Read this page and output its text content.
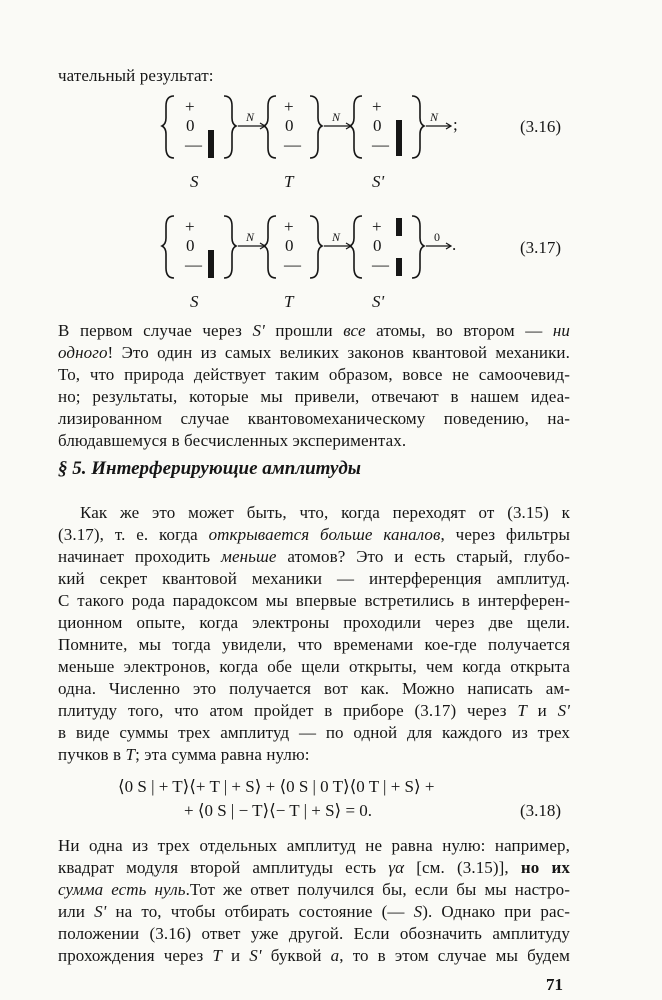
чательный результат:
+
0
—
N
+
0
—
N
+
0
—
N ;	(3.16)
S	T	S'
+
0
—
N
+
0
—
N
+
0
—
0 .	(3.17)
S	T	S'
В первом случае через S' прошли все атомы, во втором — ни
одного! Это один из самых великих законов квантовой механики.
То, что природа действует таким образом, вовсе не самоочевид-
но; результаты, которые мы привели, отвечают в нашем идеа-
лизированном случае квантовомеханическому поведению, на-
блюдавшемуся в бесчисленных экспериментах.
§ 5. Интерферирующие амплитуды
Как же это может быть, что, когда переходят от (3.15) к
(3.17), т. е. когда открывается больше каналов, через фильтры
начинает проходить меньше атомов? Это и есть старый, глубо-
кий секрет квантовой механики — интерференция амплитуд.
С такого рода парадоксом мы впервые встретились в интерферен-
ционном опыте, когда электроны проходили через две щели.
Помните, мы тогда увидели, что временами кое-где получается
меньше электронов, когда обе щели открыты, чем когда открыта
одна. Численно это получается вот как. Можно написать ам-
плитуду того, что атом пройдет в приборе (3.17) через T и S'
в виде суммы трех амплитуд — по одной для каждого из трех
пучков в T; эта сумма равна нулю:
⟨0 S | + T⟩⟨+ T | + S⟩ + ⟨0 S | 0 T⟩⟨0 T | + S⟩ +
+ ⟨0 S | − T⟩⟨− T | + S⟩ = 0.	(3.18)
Ни одна из трех отдельных амплитуд не равна нулю: например,
квадрат модуля второй амплитуды есть γα [см. (3.15)], но их
сумма есть нуль.Тот же ответ получился бы, если бы мы настро-
или S' на то, чтобы отбирать состояние (— S). Однако при рас-
положении (3.16) ответ уже другой. Если обозначить амплитуду
прохождения через T и S' буквой a, то в этом случае мы будем
71
